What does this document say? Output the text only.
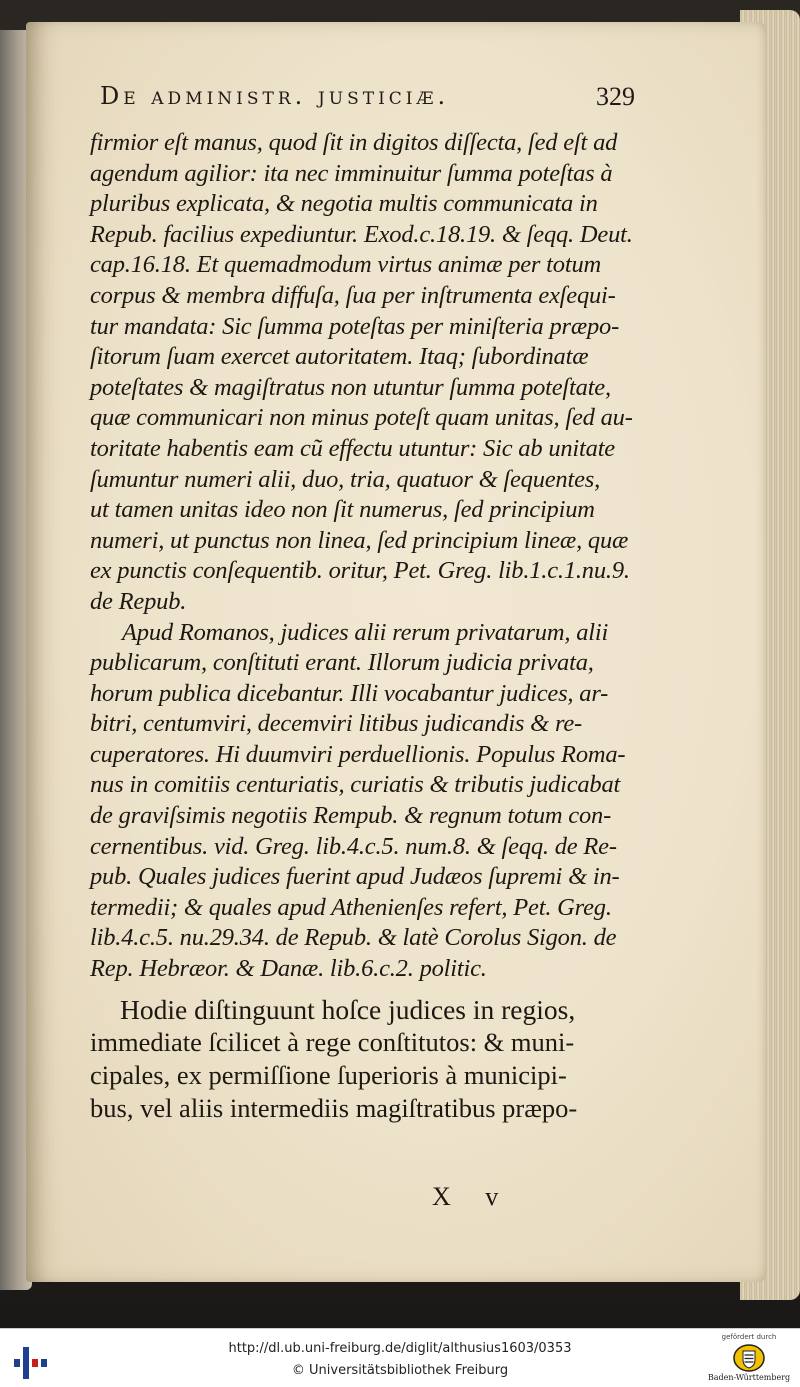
De administr. justiciæ.	329
firmior eſt manus, quod ſit in digitos diſſecta, ſed eſt ad
agendum agilior: ita nec imminuitur ſumma poteſtas à
pluribus explicata, & negotia multis communicata in
Repub. facilius expediuntur. Exod.c.18.19. & ſeqq. Deut.
cap.16.18. Et quemadmodum virtus animæ per totum
corpus & membra diffuſa, ſua per inſtrumenta exſequi-
tur mandata: Sic ſumma poteſtas per miniſteria præpo-
ſitorum ſuam exercet autoritatem. Itaq; ſubordinatæ
poteſtates & magiſtratus non utuntur ſumma poteſtate,
quæ communicari non minus poteſt quam unitas, ſed au-
toritate habentis eam cũ effectu utuntur: Sic ab unitate
ſumuntur numeri alii, duo, tria, quatuor & ſequentes,
ut tamen unitas ideo non ſit numerus, ſed principium
numeri, ut punctus non linea, ſed principium lineæ, quæ
ex punctis conſequentib. oritur, Pet. Greg. lib.1.c.1.nu.9.
de Repub.
Apud Romanos, judices alii rerum privatarum, alii
publicarum, conſtituti erant. Illorum judicia privata,
horum publica dicebantur. Illi vocabantur judices, ar-
bitri, centumviri, decemviri litibus judicandis & re-
cuperatores. Hi duumviri perduellionis. Populus Roma-
nus in comitiis centuriatis, curiatis & tributis judicabat
de graviſsimis negotiis Rempub. & regnum totum con-
cernentibus. vid. Greg. lib.4.c.5. num.8. & ſeqq. de Re-
pub. Quales judices fuerint apud Judæos ſupremi & in-
termedii; & quales apud Athenienſes refert, Pet. Greg.
lib.4.c.5. nu.29.34. de Repub. & latè Corolus Sigon. de
Rep. Hebræor. & Danæ. lib.6.c.2. politic.
Hodie diſtinguunt hoſce judices in regios,
immediate ſcilicet à rege conſtitutos: & muni-
cipales, ex permiſſione ſuperioris à municipi-
bus, vel aliis intermediis magiſtratibus præpo-
X v
http://dl.ub.uni-freiburg.de/diglit/althusius1603/0353
© Universitätsbibliothek Freiburg
gefördert durch
Baden-Württemberg
